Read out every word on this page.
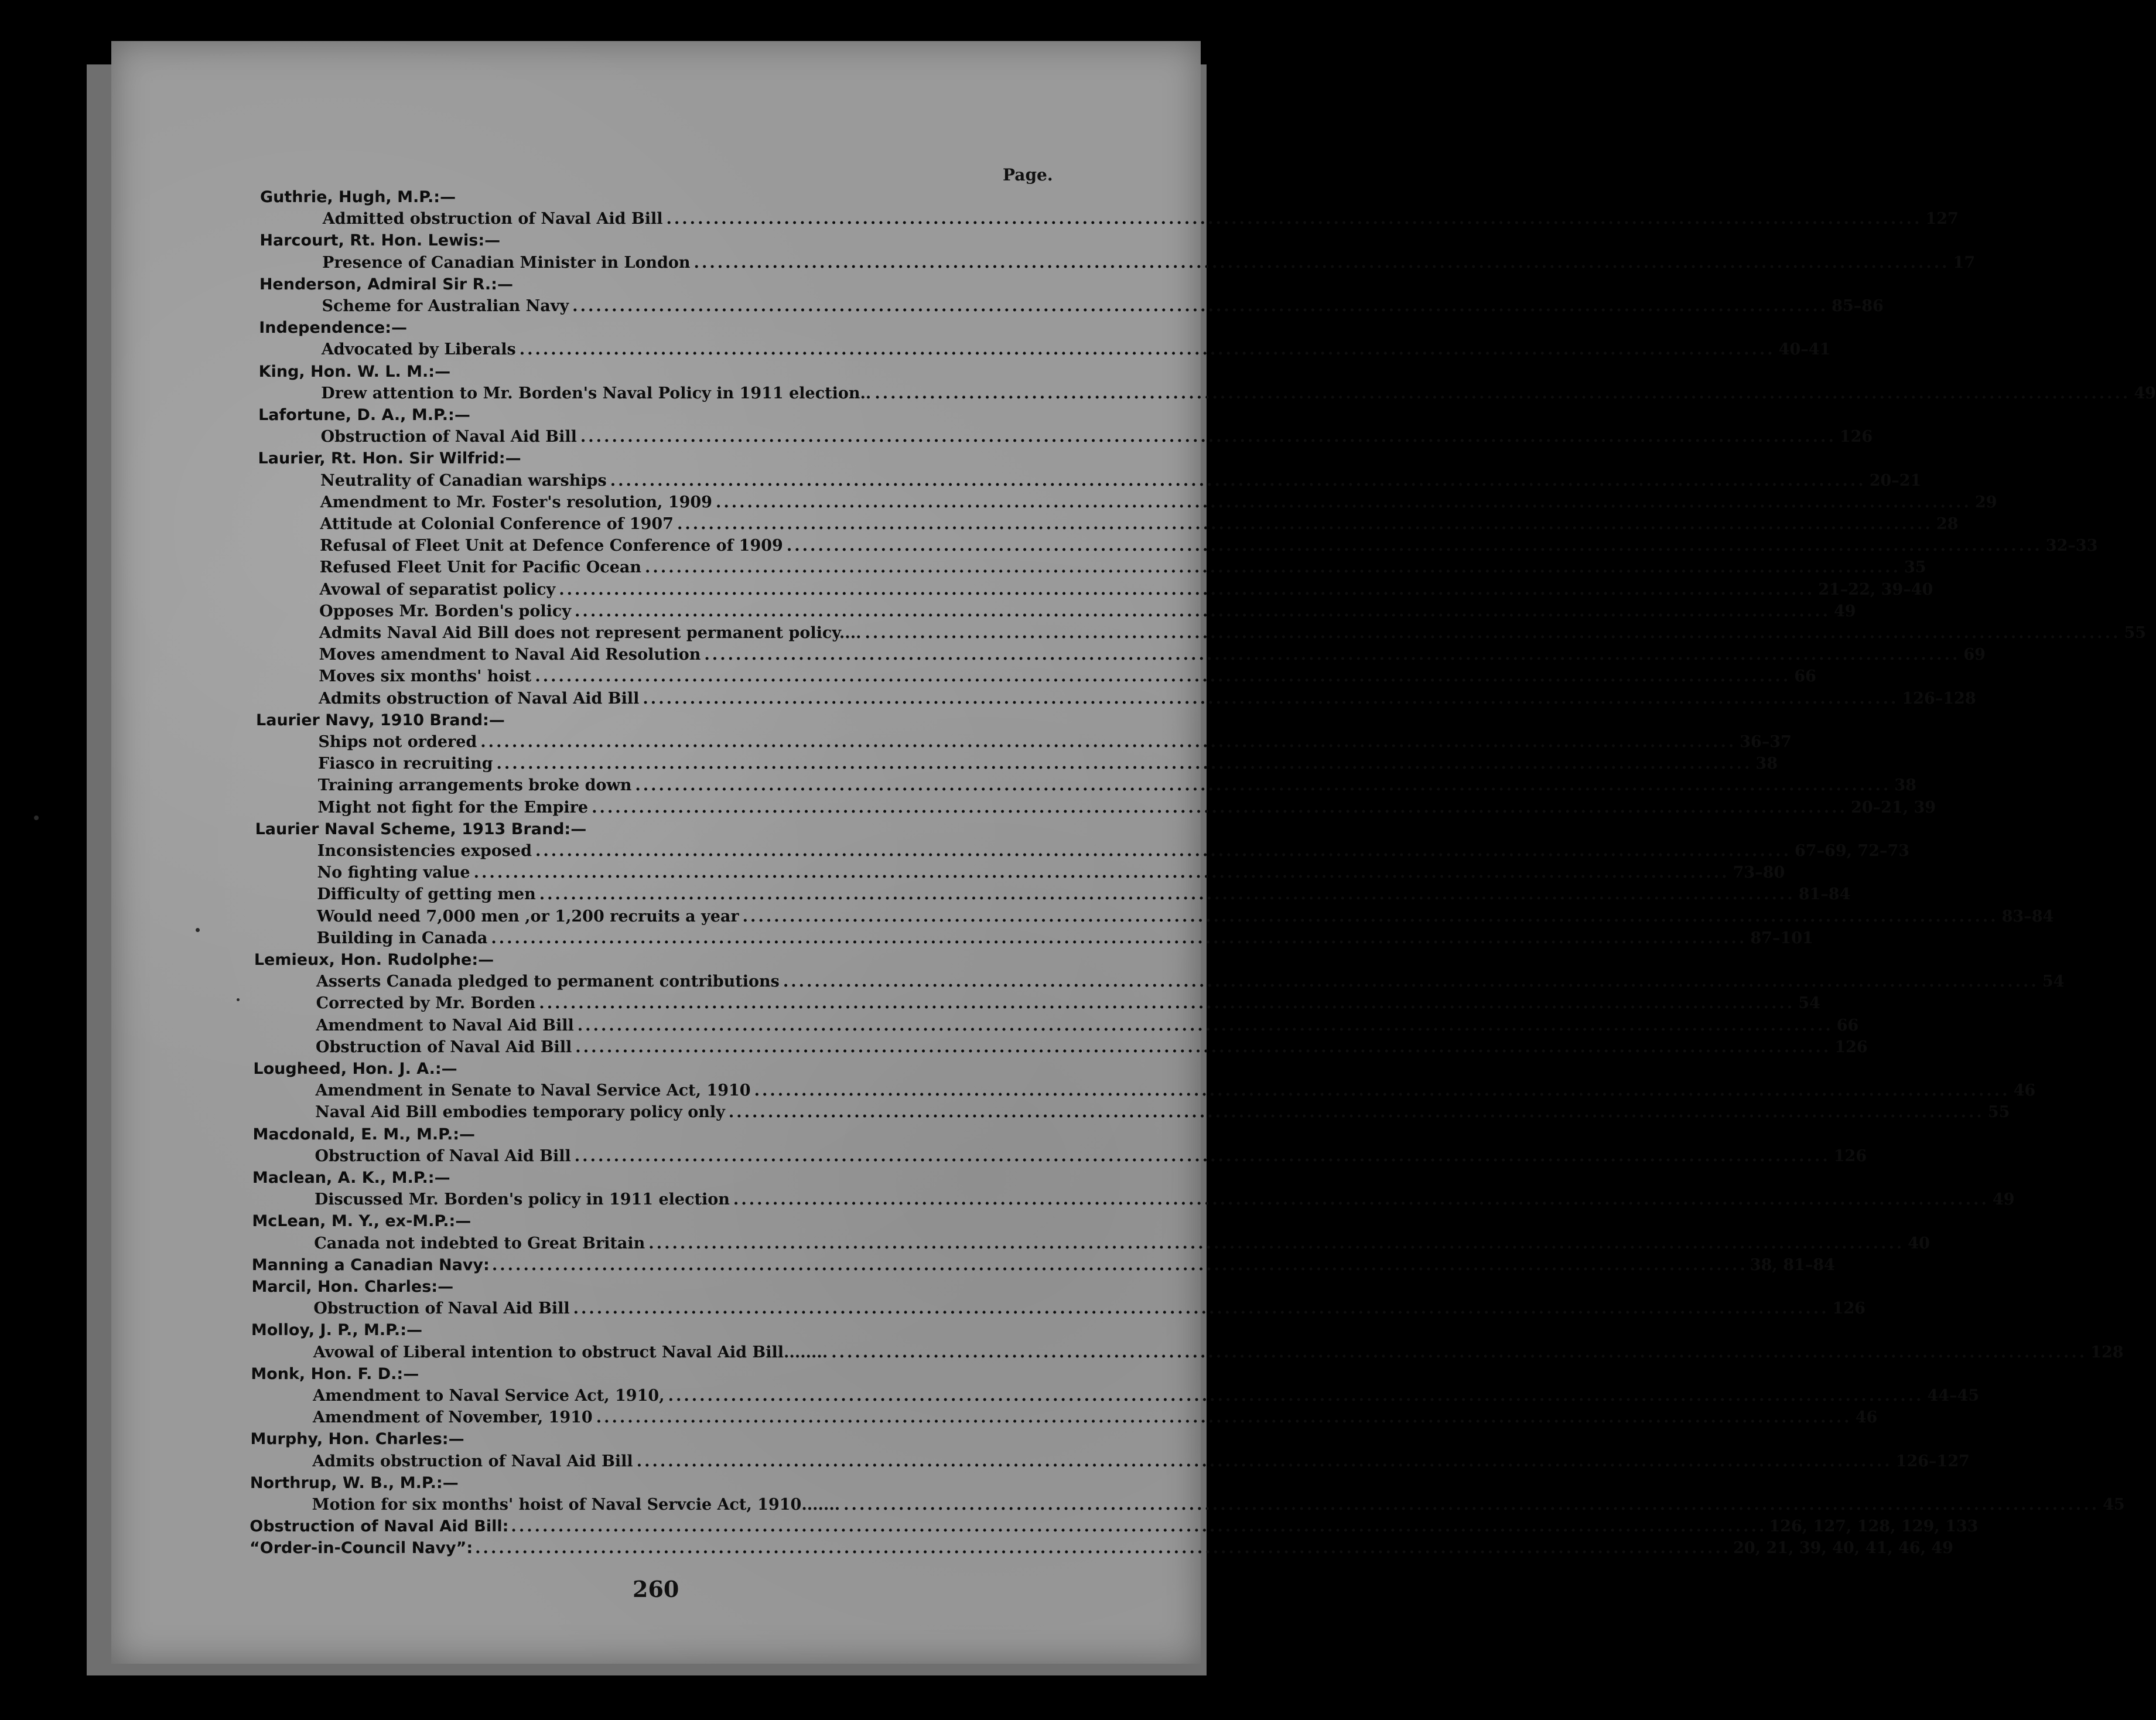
Page.
Guthrie, Hugh, M.P.:—
Admitted obstruction of Naval Aid Bill ................................................................................................................................................................ 127
Harcourt, Rt. Hon. Lewis:—
Presence of Canadian Minister in London ................................................................................................................................................................ 17
Henderson, Admiral Sir R.:—
Scheme for Australian Navy ................................................................................................................................................................ 85–86
Independence:—
Advocated by Liberals ................................................................................................................................................................ 40–41
King, Hon. W. L. M.:—
Drew attention to Mr. Borden's Naval Policy in 1911 election.. ................................................................................................................................................................ 49
Lafortune, D. A., M.P.:—
Obstruction of Naval Aid Bill ................................................................................................................................................................ 126
Laurier, Rt. Hon. Sir Wilfrid:—
Neutrality of Canadian warships ................................................................................................................................................................ 20–21
Amendment to Mr. Foster's resolution, 1909 ................................................................................................................................................................ 29
Attitude at Colonial Conference of 1907 ................................................................................................................................................................ 28
Refusal of Fleet Unit at Defence Conference of 1909 ................................................................................................................................................................ 32–33
Refused Fleet Unit for Pacific Ocean ................................................................................................................................................................ 35
Avowal of separatist policy ................................................................................................................................................................ 21–22, 39–40
Opposes Mr. Borden's policy ................................................................................................................................................................ 49
Admits Naval Aid Bill does not represent permanent policy.... ................................................................................................................................................................ 55
Moves amendment to Naval Aid Resolution ................................................................................................................................................................ 69
Moves six months' hoist ................................................................................................................................................................ 66
Admits obstruction of Naval Aid Bill ................................................................................................................................................................ 126–128
Laurier Navy, 1910 Brand:—
Ships not ordered ................................................................................................................................................................ 36–37
Fiasco in recruiting ................................................................................................................................................................ 38
Training arrangements broke down ................................................................................................................................................................ 38
Might not fight for the Empire ................................................................................................................................................................ 20–21, 39
Laurier Naval Scheme, 1913 Brand:—
Inconsistencies exposed ................................................................................................................................................................ 67–69, 72–73
No fighting value ................................................................................................................................................................ 73–80
Difficulty of getting men ................................................................................................................................................................ 81–84
Would need 7,000 men ,or 1,200 recruits a year ................................................................................................................................................................ 83–84
Building in Canada ................................................................................................................................................................ 87–101
Lemieux, Hon. Rudolphe:—
Asserts Canada pledged to permanent contributions ................................................................................................................................................................ 54
Corrected by Mr. Borden ................................................................................................................................................................ 54
Amendment to Naval Aid Bill ................................................................................................................................................................ 66
Obstruction of Naval Aid Bill ................................................................................................................................................................ 126
Lougheed, Hon. J. A.:—
Amendment in Senate to Naval Service Act, 1910 ................................................................................................................................................................ 46
Naval Aid Bill embodies temporary policy only ................................................................................................................................................................ 55
Macdonald, E. M., M.P.:—
Obstruction of Naval Aid Bill ................................................................................................................................................................ 126
Maclean, A. K., M.P.:—
Discussed Mr. Borden's policy in 1911 election ................................................................................................................................................................ 49
McLean, M. Y., ex-M.P.:—
Canada not indebted to Great Britain ................................................................................................................................................................ 40
Manning a Canadian Navy: ................................................................................................................................................................ 38, 81–84
Marcil, Hon. Charles:—
Obstruction of Naval Aid Bill ................................................................................................................................................................ 126
Molloy, J. P., M.P.:—
Avowal of Liberal intention to obstruct Naval Aid Bill........ ................................................................................................................................................................ 128
Monk, Hon. F. D.:—
Amendment to Naval Service Act, 1910, ................................................................................................................................................................ 44–45
Amendment of November, 1910 ................................................................................................................................................................ 46
Murphy, Hon. Charles:—
Admits obstruction of Naval Aid Bill ................................................................................................................................................................ 126–127
Northrup, W. B., M.P.:—
Motion for six months' hoist of Naval Servcie Act, 1910....... ................................................................................................................................................................ 45
Obstruction of Naval Aid Bill: ................................................................................................................................................................ 126, 127, 128, 129, 133
“Order-in-Council Navy”: ................................................................................................................................................................ 20, 21, 39, 40, 41, 46, 49
260
